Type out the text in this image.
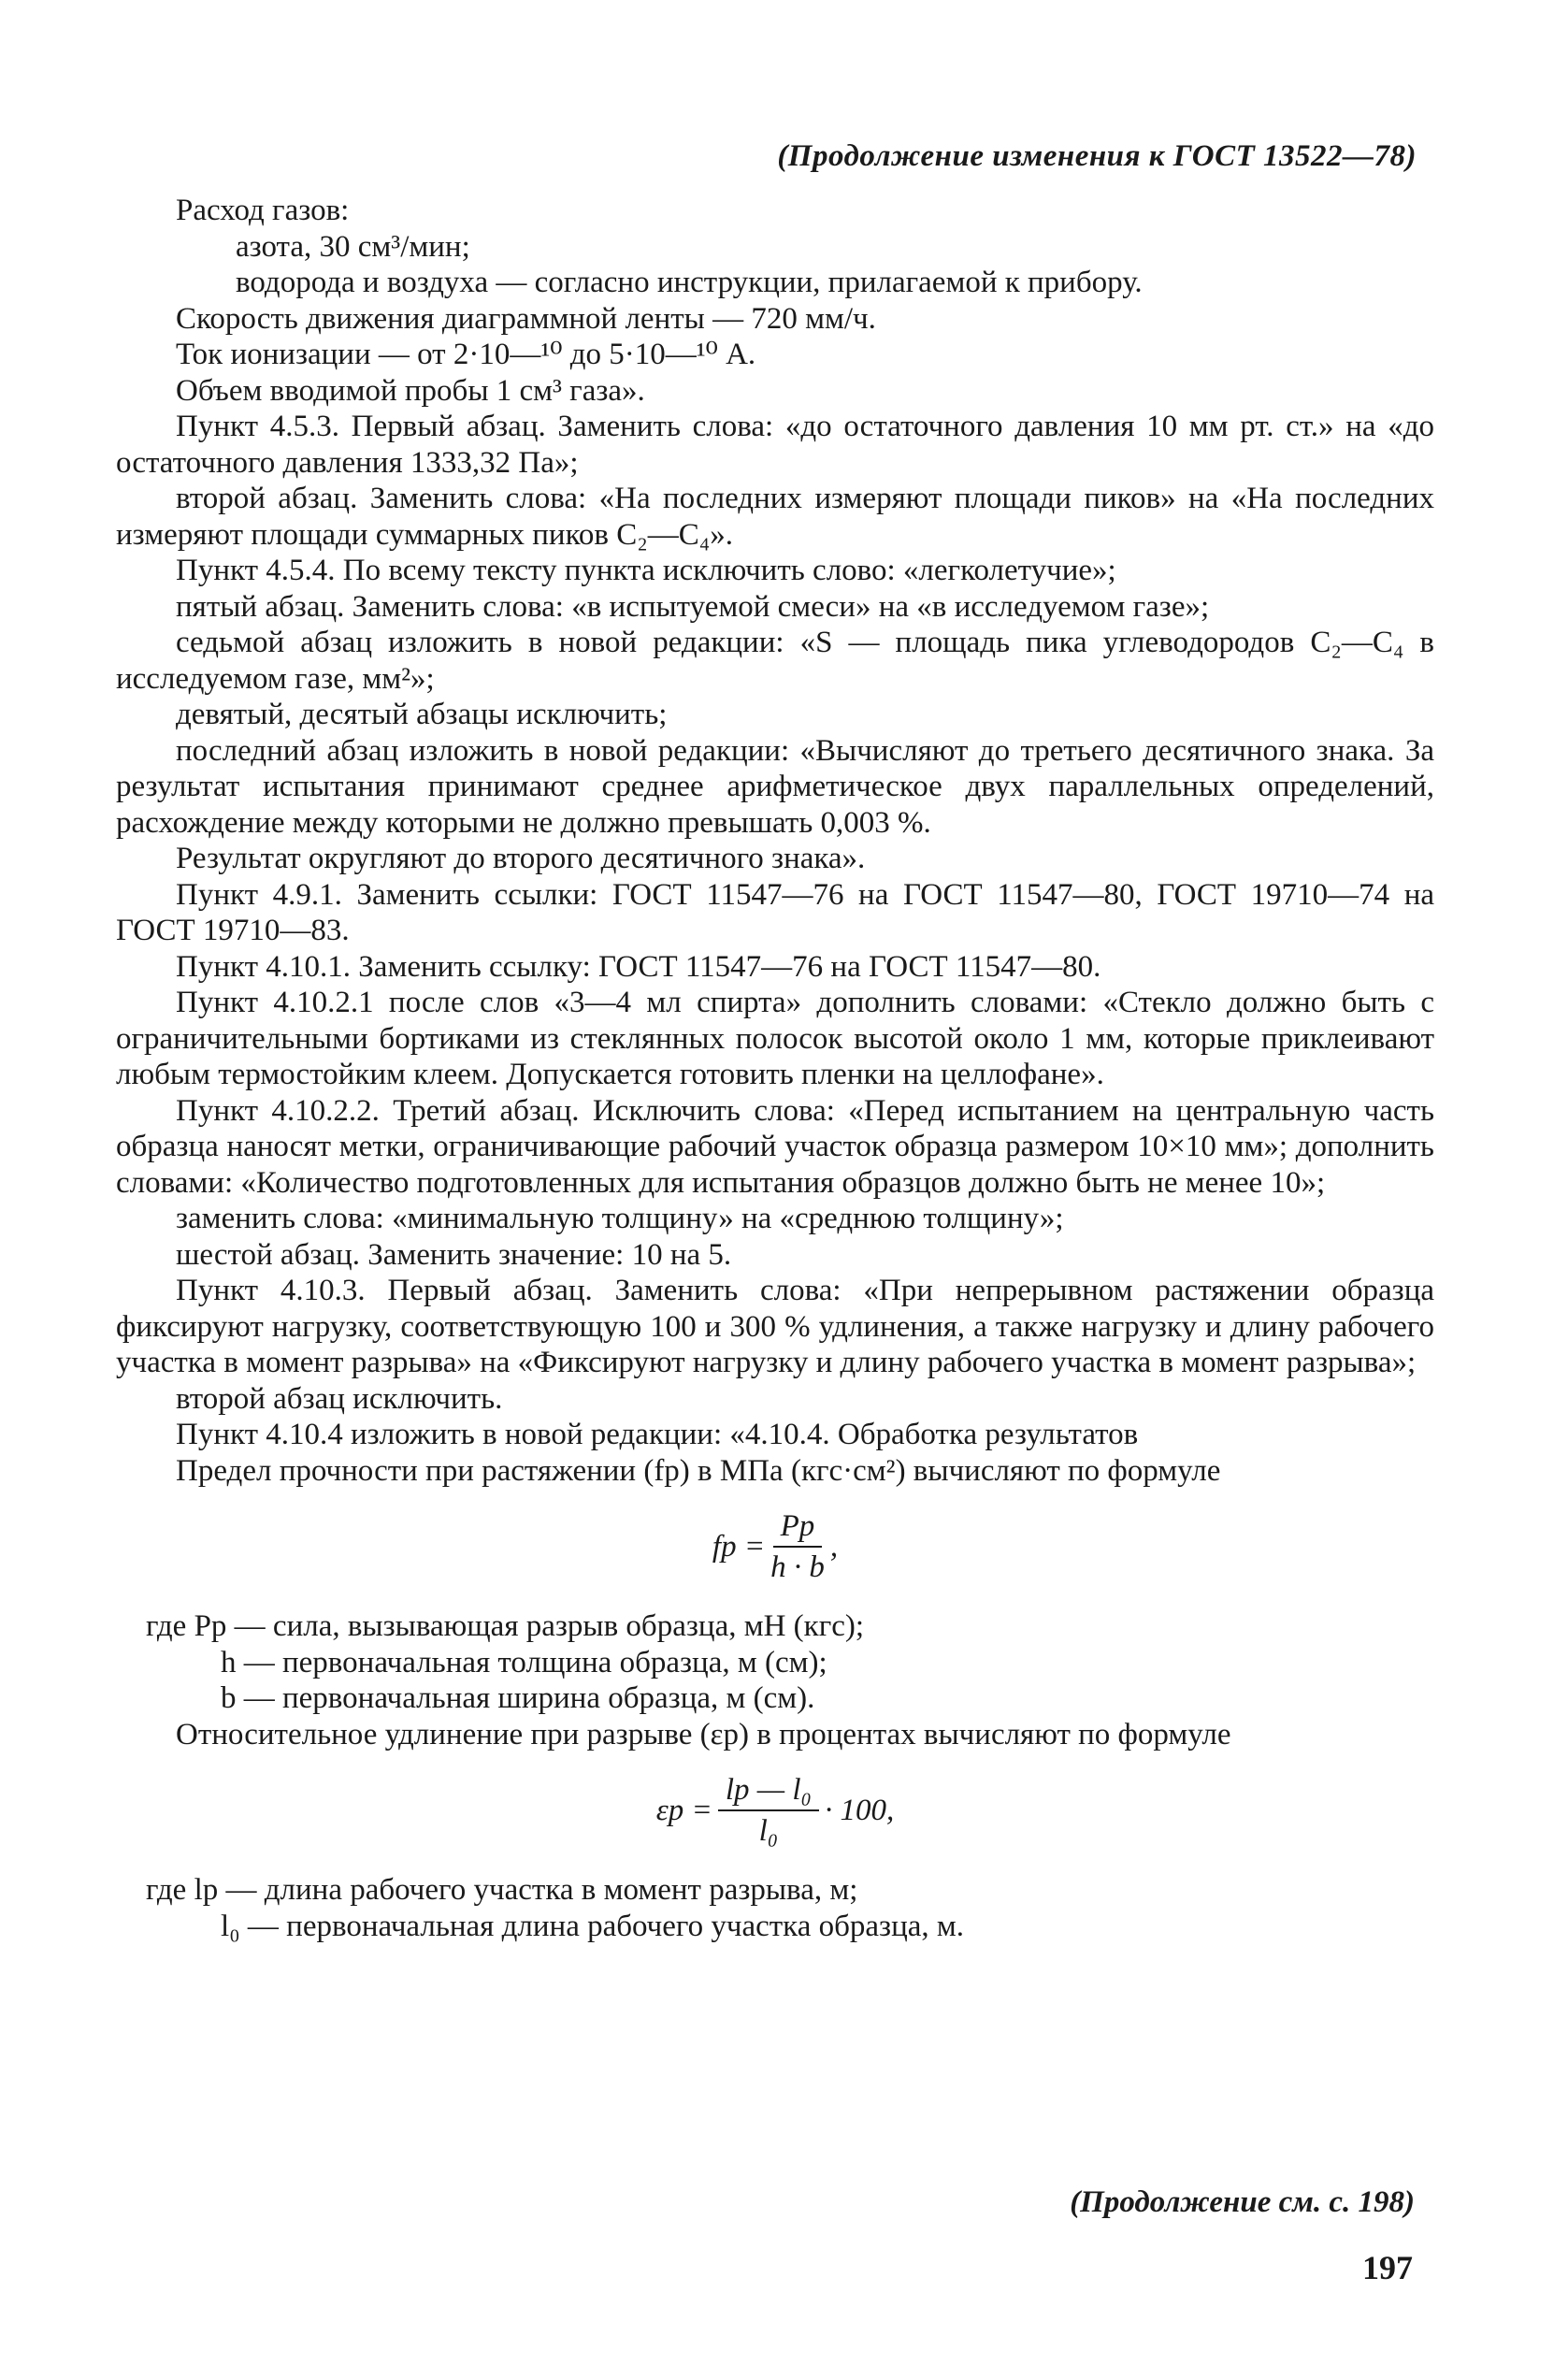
(Продолжение изменения к ГОСТ 13522—78)

Расход газов:

азота, 30 см³/мин;

водорода и воздуха — согласно инструкции, прилагаемой к прибору.

Скорость движения диаграммной ленты — 720 мм/ч.

Ток ионизации — от 2·10—¹⁰ до 5·10—¹⁰ А.

Объем вводимой пробы 1 см³ газа».

Пункт 4.5.3. Первый абзац. Заменить слова: «до остаточного давления 10 мм рт. ст.» на «до остаточного давления 1333,32 Па»;

второй абзац. Заменить слова: «На последних измеряют площади пиков» на «На последних измеряют площади суммарных пиков C₂—C₄».

Пункт 4.5.4. По всему тексту пункта исключить слово: «легколетучие»;

пятый абзац. Заменить слова: «в испытуемой смеси» на «в исследуемом газе»;

седьмой абзац изложить в новой редакции: «S — площадь пика углеводородов C₂—C₄ в исследуемом газе, мм²»;

девятый, десятый абзацы исключить;

последний абзац изложить в новой редакции: «Вычисляют до третьего десятичного знака. За результат испытания принимают среднее арифметическое двух параллельных определений, расхождение между которыми не должно превышать 0,003 %.

Результат округляют до второго десятичного знака».

Пункт 4.9.1. Заменить ссылки: ГОСТ 11547—76 на ГОСТ 11547—80, ГОСТ 19710—74 на ГОСТ 19710—83.

Пункт 4.10.1. Заменить ссылку: ГОСТ 11547—76 на ГОСТ 11547—80.

Пункт 4.10.2.1 после слов «3—4 мл спирта» дополнить словами: «Стекло должно быть с ограничительными бортиками из стеклянных полосок высотой около 1 мм, которые приклеивают любым термостойким клеем. Допускается готовить пленки на целлофане».

Пункт 4.10.2.2. Третий абзац. Исключить слова: «Перед испытанием на центральную часть образца наносят метки, ограничивающие рабочий участок образца размером 10×10 мм»; дополнить словами: «Количество подготовленных для испытания образцов должно быть не менее 10»;

заменить слова: «минимальную толщину» на «среднюю толщину»;

шестой абзац. Заменить значение: 10 на 5.

Пункт 4.10.3. Первый абзац. Заменить слова: «При непрерывном растяжении образца фиксируют нагрузку, соответствующую 100 и 300 % удлинения, а также нагрузку и длину рабочего участка в момент разрыва» на «Фиксируют нагрузку и длину рабочего участка в момент разрыва»;

второй абзац исключить.

Пункт 4.10.4 изложить в новой редакции: «4.10.4. Обработка результатов

Предел прочности при растяжении (fр) в МПа (кгс·см²) вычисляют по формуле

fр = $\frac{Pр}{h \cdot b}$ ,

где Pр — сила, вызывающая разрыв образца, мН (кгс);

h — первоначальная толщина образца, м (см);

b — первоначальная ширина образца, м (см).

Относительное удлинение при разрыве (εр) в процентах вычисляют по формуле

$\varepsilon р = \frac{\text{lр — l₀}}{\text{l₀}} \cdot 100$,

где lр — длина рабочего участка в момент разрыва, м;

l₀ — первоначальная длина рабочего участка образца, м.

(Продолжение см. с. 198)
197
